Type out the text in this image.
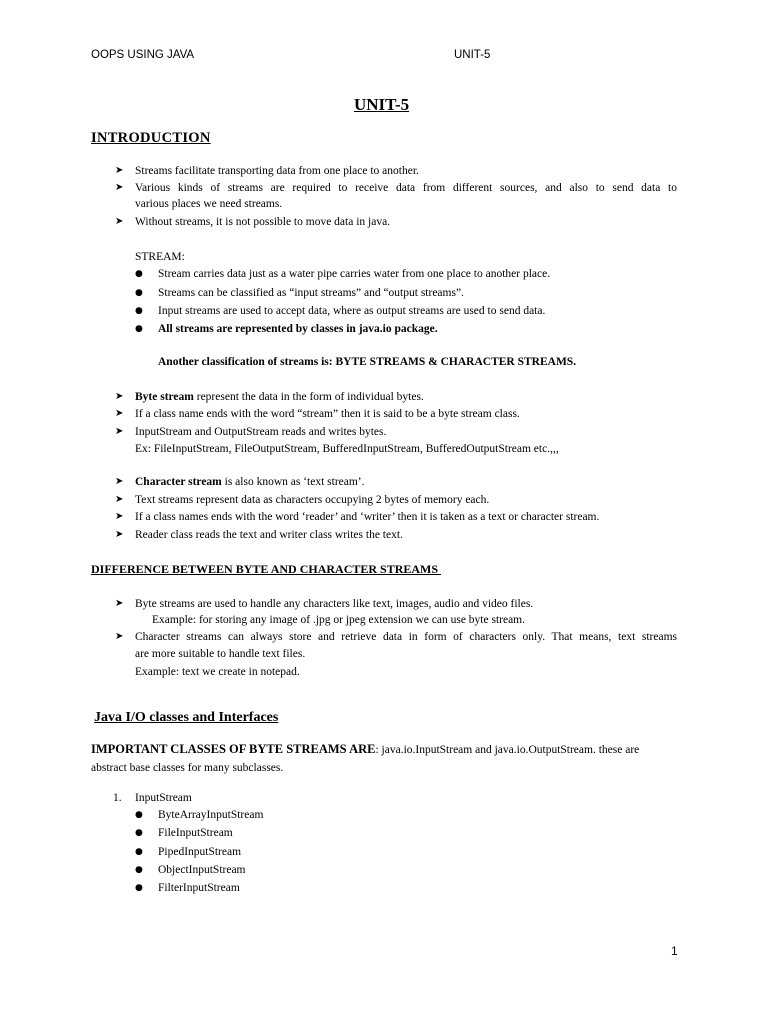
OOPS USING JAVA	UNIT-5
UNIT-5
INTRODUCTION
➤ Streams facilitate transporting data from one place to another.
➤ Various kinds of streams are required to receive data from different sources, and also to send data to
various places we need streams.
➤ Without streams, it is not possible to move data in java.
STREAM:
● Stream carries data just as a water pipe carries water from one place to another place.
● Streams can be classified as “input streams” and “output streams”.
● Input streams are used to accept data, where as output streams are used to send data.
● All streams are represented by classes in java.io package.
Another classification of streams is: BYTE STREAMS & CHARACTER STREAMS.
➤ Byte stream represent the data in the form of individual bytes.
➤ If a class name ends with the word “stream” then it is said to be a byte stream class.
➤ InputStream and OutputStream reads and writes bytes.
Ex: FileInputStream, FileOutputStream, BufferedInputStream, BufferedOutputStream etc.,,,
➤ Character stream is also known as ‘text stream’.
➤ Text streams represent data as characters occupying 2 bytes of memory each.
➤ If a class names ends with the word ‘reader’ and ‘writer’ then it is taken as a text or character stream.
➤ Reader class reads the text and writer class writes the text.
DIFFERENCE BETWEEN BYTE AND CHARACTER STREAMS
➤ Byte streams are used to handle any characters like text, images, audio and video files.
Example: for storing any image of .jpg or jpeg extension we can use byte stream.
➤ Character streams can always store and retrieve data in form of characters only. That means, text streams
are more suitable to handle text files.
Example: text we create in notepad.
Java I/O classes and Interfaces
IMPORTANT CLASSES OF BYTE STREAMS ARE: java.io.InputStream and java.io.OutputStream. these are
abstract base classes for many subclasses.
1. InputStream
● ByteArrayInputStream
● FileInputStream
● PipedInputStream
● ObjectInputStream
● FilterInputStream
1
